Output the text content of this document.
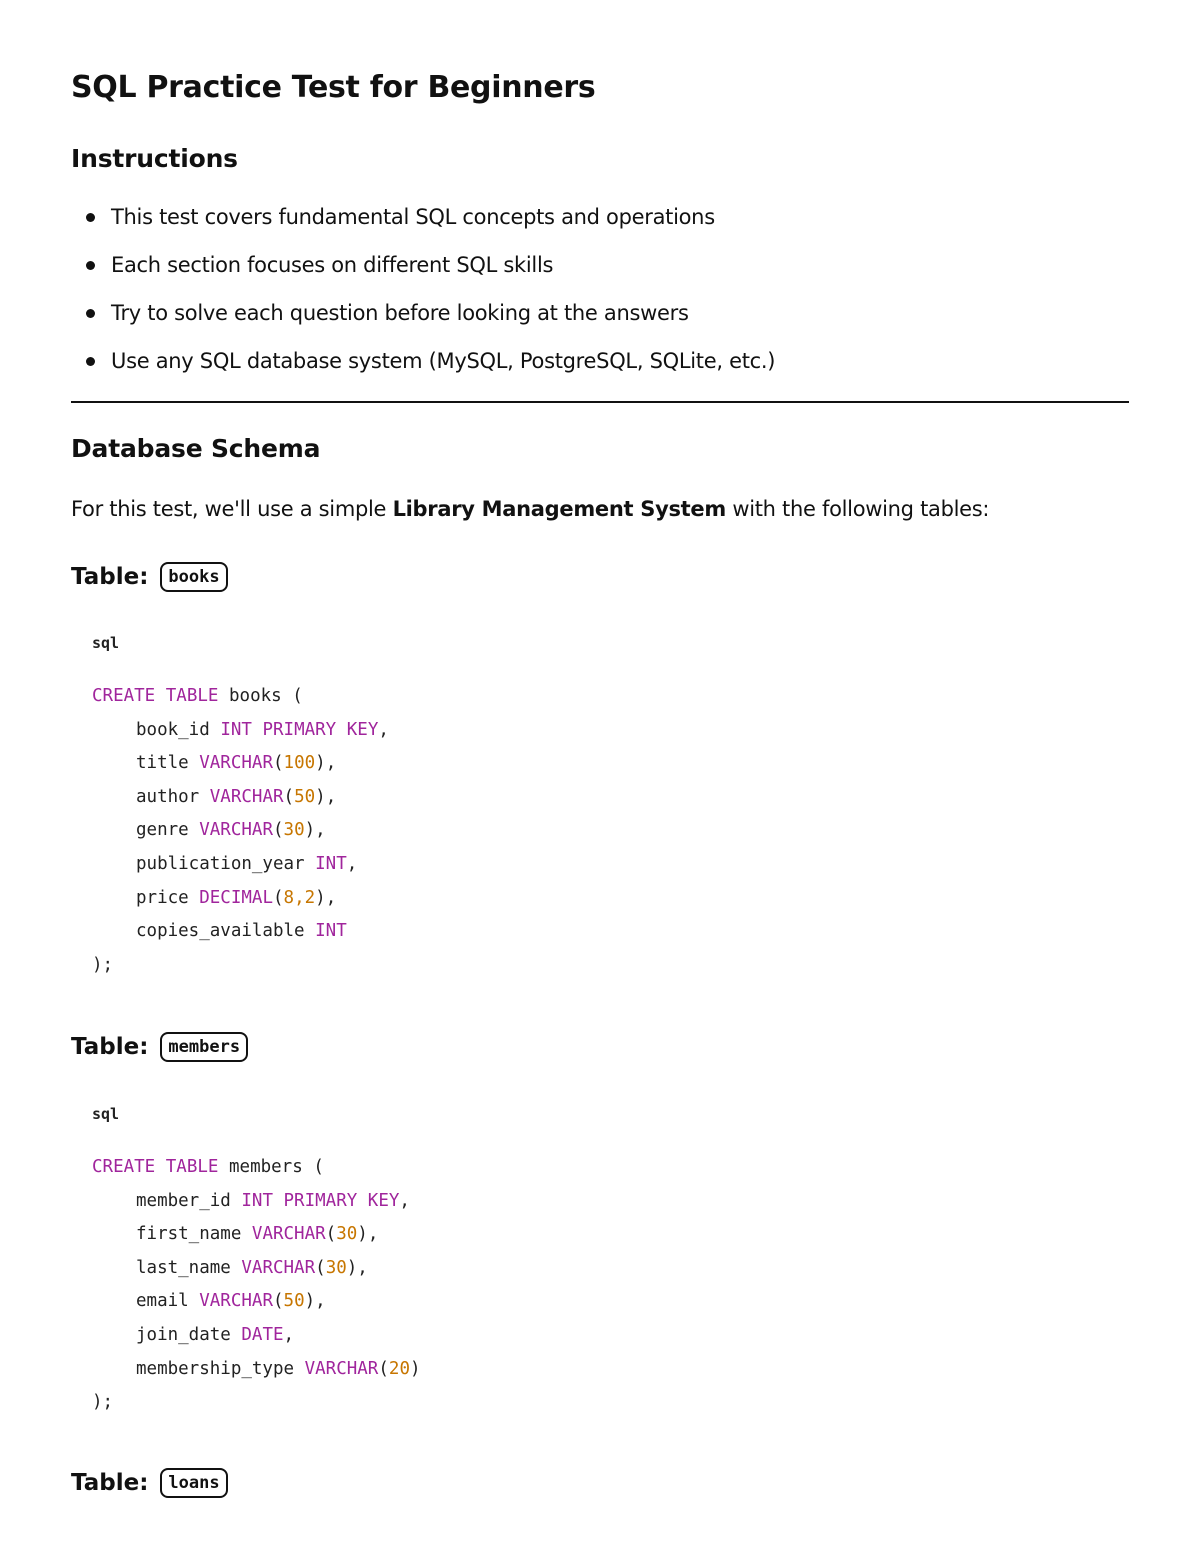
SQL Practice Test for Beginners
Instructions
This test covers fundamental SQL concepts and operations
Each section focuses on different SQL skills
Try to solve each question before looking at the answers
Use any SQL database system (MySQL, PostgreSQL, SQLite, etc.)
Database Schema

For this test, we'll use a simple Library Management System with the following tables:

Table: books
sql
CREATE TABLE books (
book_id INT PRIMARY KEY,
title VARCHAR(100),
author VARCHAR(50),
genre VARCHAR(30),
publication_year INT,
price DECIMAL(8,2),
copies_available INT
);
Table: members
sql
CREATE TABLE members (
member_id INT PRIMARY KEY,
first_name VARCHAR(30),
last_name VARCHAR(30),
email VARCHAR(50),
join_date DATE,
membership_type VARCHAR(20)
);
Table: loans
